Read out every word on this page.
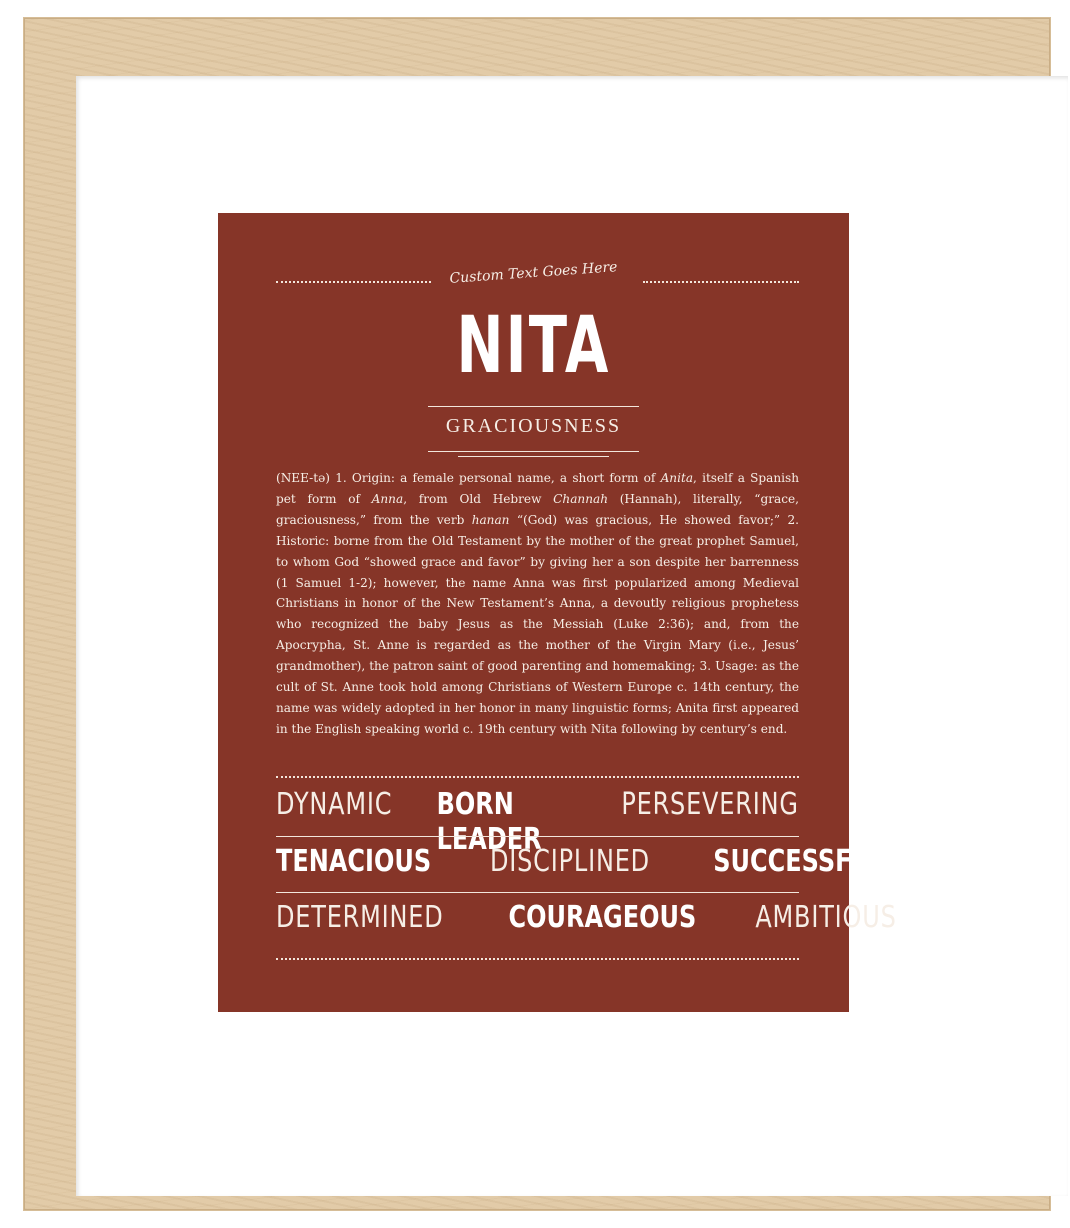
Custom Text Goes Here
NITA
GRACIOUSNESS
(NEE-tə) 1. Origin: a female personal name, a short form of Anita, itself a Spanish pet form of Anna, from Old Hebrew Channah (Hannah), literally, “grace, graciousness,” from the verb hanan “(God) was gracious, He showed favor;” 2. Historic: borne from the Old Testament by the mother of the great prophet Samuel, to whom God “showed grace and favor” by giving her a son despite her barrenness (1 Samuel 1-2); however, the name Anna was first popularized among Medieval Christians in honor of the New Testament’s Anna, a devoutly religious prophetess who recognized the baby Jesus as the Messiah (Luke 2:36); and, from the Apocrypha, St. Anne is regarded as the mother of the Virgin Mary (i.e., Jesus’ grandmother), the patron saint of good parenting and homemaking; 3. Usage: as the cult of St. Anne took hold among Christians of Western Europe c. 14th century, the name was widely adopted in her honor in many linguistic forms; Anita first appeared in the English speaking world c. 19th century with Nita following by century’s end.
DYNAMIC BORN LEADER
PERSEVERING
TENACIOUS DISCIPLINED SUCCESSFUL
DETERMINED COURAGEOUS AMBITIOUS
